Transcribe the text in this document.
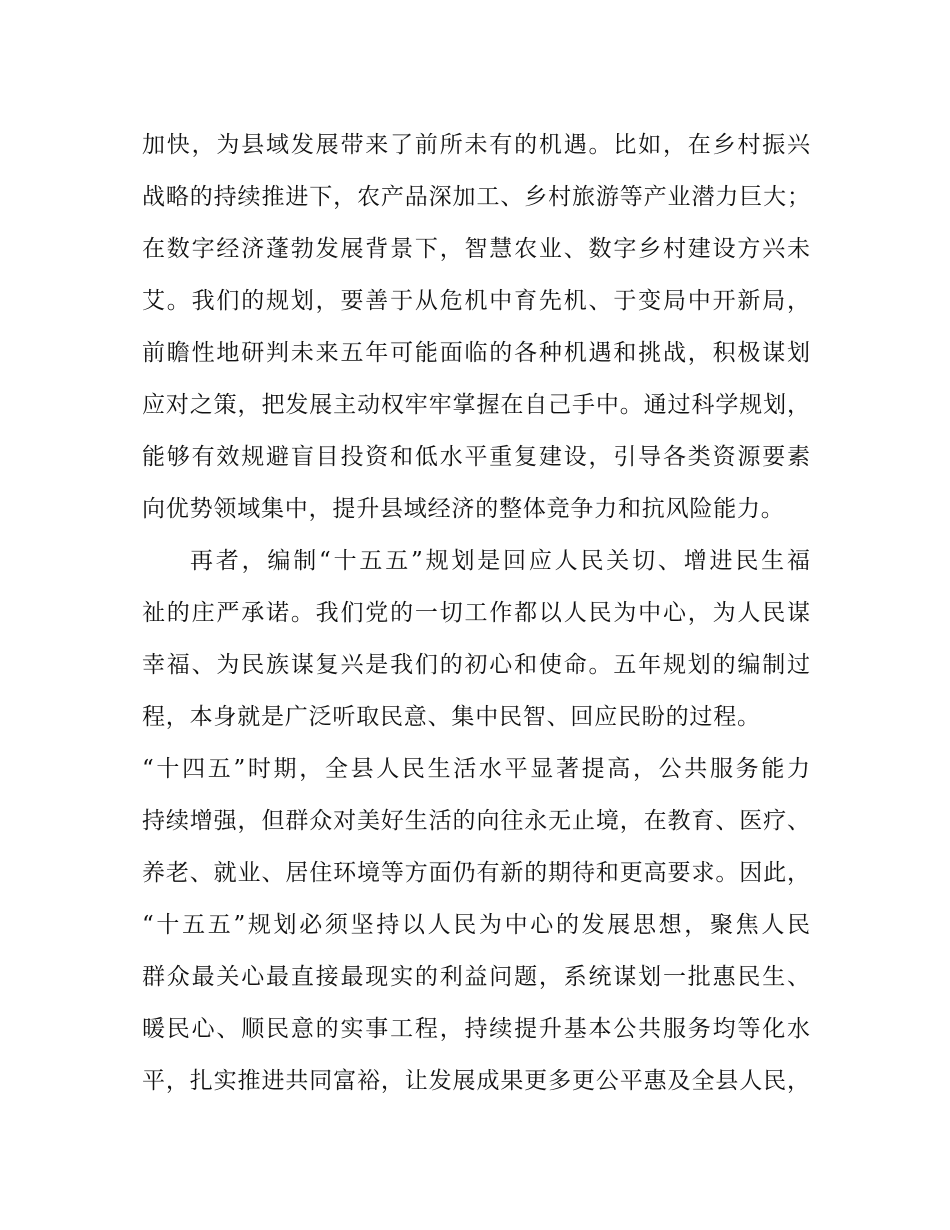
加快，为县域发展带来了前所未有的机遇。比如，在乡村振兴
战略的持续推进下，农产品深加工、乡村旅游等产业潜力巨大；
在数字经济蓬勃发展背景下，智慧农业、数字乡村建设方兴未
艾。我们的规划，要善于从危机中育先机、于变局中开新局，
前瞻性地研判未来五年可能面临的各种机遇和挑战，积极谋划
应对之策，把发展主动权牢牢掌握在自己手中。通过科学规划，
能够有效规避盲目投资和低水平重复建设，引导各类资源要素
向优势领域集中，提升县域经济的整体竞争力和抗风险能力。
再者，编制“十五五”规划是回应人民关切、增进民生福
祉的庄严承诺。我们党的一切工作都以人民为中心，为人民谋
幸福、为民族谋复兴是我们的初心和使命。五年规划的编制过
程，本身就是广泛听取民意、集中民智、回应民盼的过程。
“十四五”时期，全县人民生活水平显著提高，公共服务能力
持续增强，但群众对美好生活的向往永无止境，在教育、医疗、
养老、就业、居住环境等方面仍有新的期待和更高要求。因此，
“十五五”规划必须坚持以人民为中心的发展思想，聚焦人民
群众最关心最直接最现实的利益问题，系统谋划一批惠民生、
暖民心、顺民意的实事工程，持续提升基本公共服务均等化水
平，扎实推进共同富裕，让发展成果更多更公平惠及全县人民，
